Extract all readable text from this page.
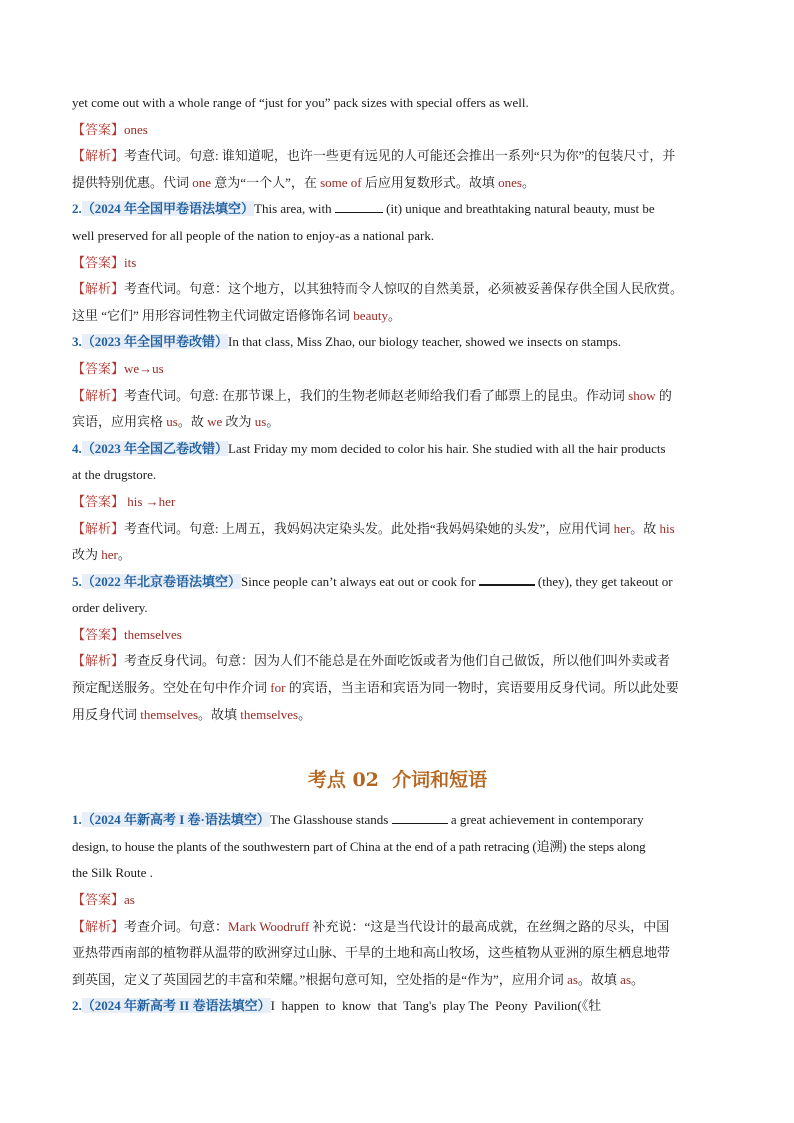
yet come out with a whole range of “just for you” pack sizes with special offers as well.
【答案】ones
【解析】考查代词。句意: 谁知道呢，也许一些更有远见的人可能还会推出一系列“只为你”的包装尺寸，并
提供特别优惠。代词 one 意为“一个人”，在 some of 后应用复数形式。故填 ones。
2.（2024 年全国甲卷语法填空）This area, with	(it) unique and breathtaking natural beauty, must be
well preserved for all people of the nation to enjoy-as a national park.
【答案】its
【解析】考查代词。句意：这个地方，以其独特而令人惊叹的自然美景，必须被妥善保存供全国人民欣赏。
这里 “它们” 用形容词性物主代词做定语修饰名词 beauty。
3.（2023 年全国甲卷改错）In that class, Miss Zhao, our biology teacher, showed we insects on stamps.
【答案】we→us
【解析】考查代词。句意: 在那节课上，我们的生物老师赵老师给我们看了邮票上的昆虫。作动词 show 的
宾语，应用宾格 us。故 we 改为 us。
4.（2023 年全国乙卷改错）Last Friday my mom decided to color his hair. She studied with all the hair products
at the drugstore.
【答案】 his →her
【解析】考查代词。句意: 上周五，我妈妈决定染头发。此处指“我妈妈染她的头发”，应用代词 her。故 his
改为 her。
5.（2022 年北京卷语法填空）Since people can’t always eat out or cook for	(they), they get takeout or
order delivery.
【答案】themselves
【解析】考查反身代词。句意：因为人们不能总是在外面吃饭或者为他们自己做饭，所以他们叫外卖或者
预定配送服务。空处在句中作介词 for 的宾语，当主语和宾语为同一物时，宾语要用反身代词。所以此处要
用反身代词 themselves。故填 themselves。
考点 02  介词和短语
1.（2024 年新高考 I 卷·语法填空）The Glasshouse stands	a great achievement in contemporary
design, to house the plants of the southwestern part of China at the end of a path retracing (追溯) the steps along
the Silk Route .
【答案】as
【解析】考查介词。句意：Mark Woodruff 补充说：“这是当代设计的最高成就，在丝绸之路的尽头，中国
亚热带西南部的植物群从温带的欧洲穿过山脉、干旱的土地和高山牧场，这些植物从亚洲的原生栖息地带
到英国，定义了英国园艺的丰富和荣耀。”根据句意可知，空处指的是“作为”，应用介词 as。故填 as。
2.（2024 年新高考 II 卷语法填空）I  happen  to  know  that  Tang's  play The  Peony  Pavilion(《牡
